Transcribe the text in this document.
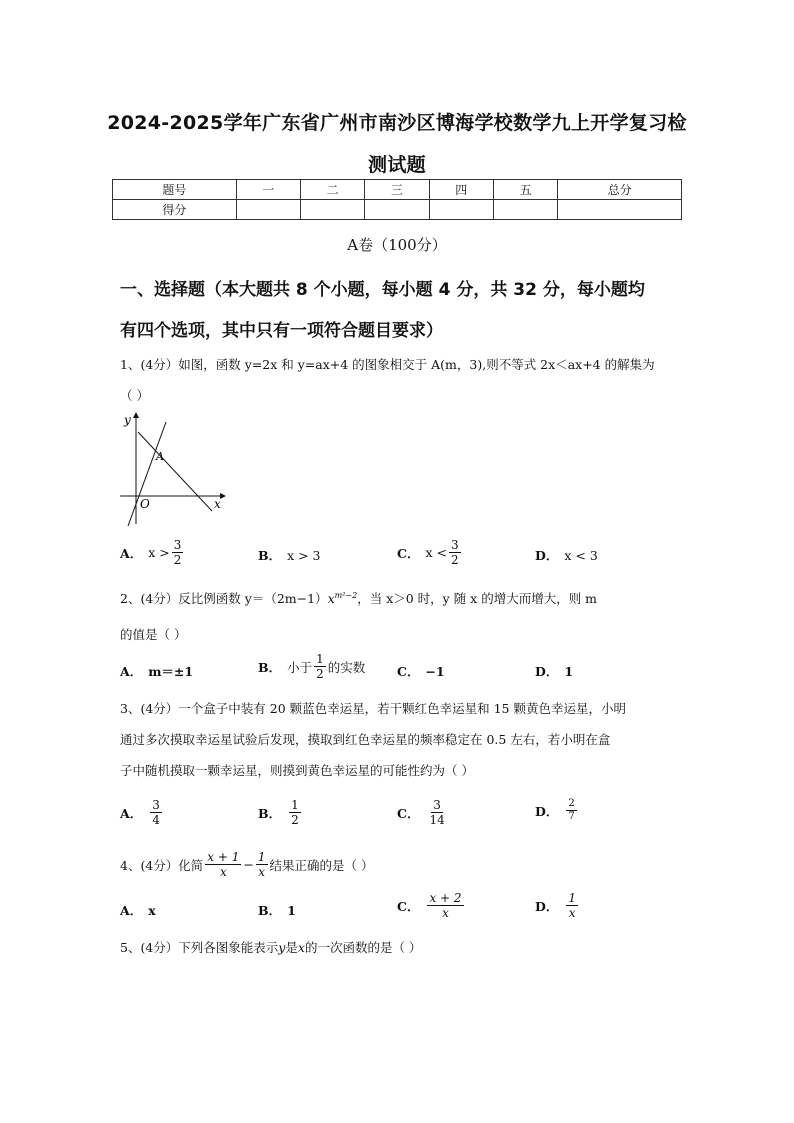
2024-2025学年广东省广州市南沙区博海学校数学九上开学复习检
测试题
题号	一	二	三	四	五	总分
得分						
A卷（100分）
一、选择题（本大题共 8 个小题，每小题 4 分，共 32 分，每小题均
有四个选项，其中只有一项符合题目要求）
1、(4分）如图，函数 y=2x 和 y=ax+4 的图象相交于 A(m，3),则不等式 2x＜ax+4 的解集为
（ ）
y
x
O
A
A． $x > \frac{3}{2}$	B． x > 3	C． $x < \frac{3}{2}$	D． x < 3
2、(4分）反比例函数 $y=(2m-1)x^{m^2-2}$，当 x＞0 时，y 随 x 的增大而增大，则 m
的值是（ ）
A． m＝±1	B． 小于 $\frac{1}{2}$ 的实数	C． −1	D． 1
3、(4分）一个盒子中装有 20 颗蓝色幸运星，若干颗红色幸运星和 15 颗黄色幸运星，小明
通过多次摸取幸运星试验后发现，摸取到红色幸运星的频率稳定在 0.5 左右，若小明在盒
子中随机摸取一颗幸运星，则摸到黄色幸运星的可能性约为（ ）
A． $\frac{3}{4}$	B． $\frac{1}{2}$	C． $\frac{3}{14}$	D． $\frac{2}{7}$
4、(4分）化简 $\frac{x + 1}{x} - \frac{1}{x}$ 结果正确的是（ ）
A． x	B． 1	C． $\frac{x + 2}{x}$	D． $\frac{1}{x}$
5、(4分）下列各图象能表示y是x的一次函数的是（ ）
